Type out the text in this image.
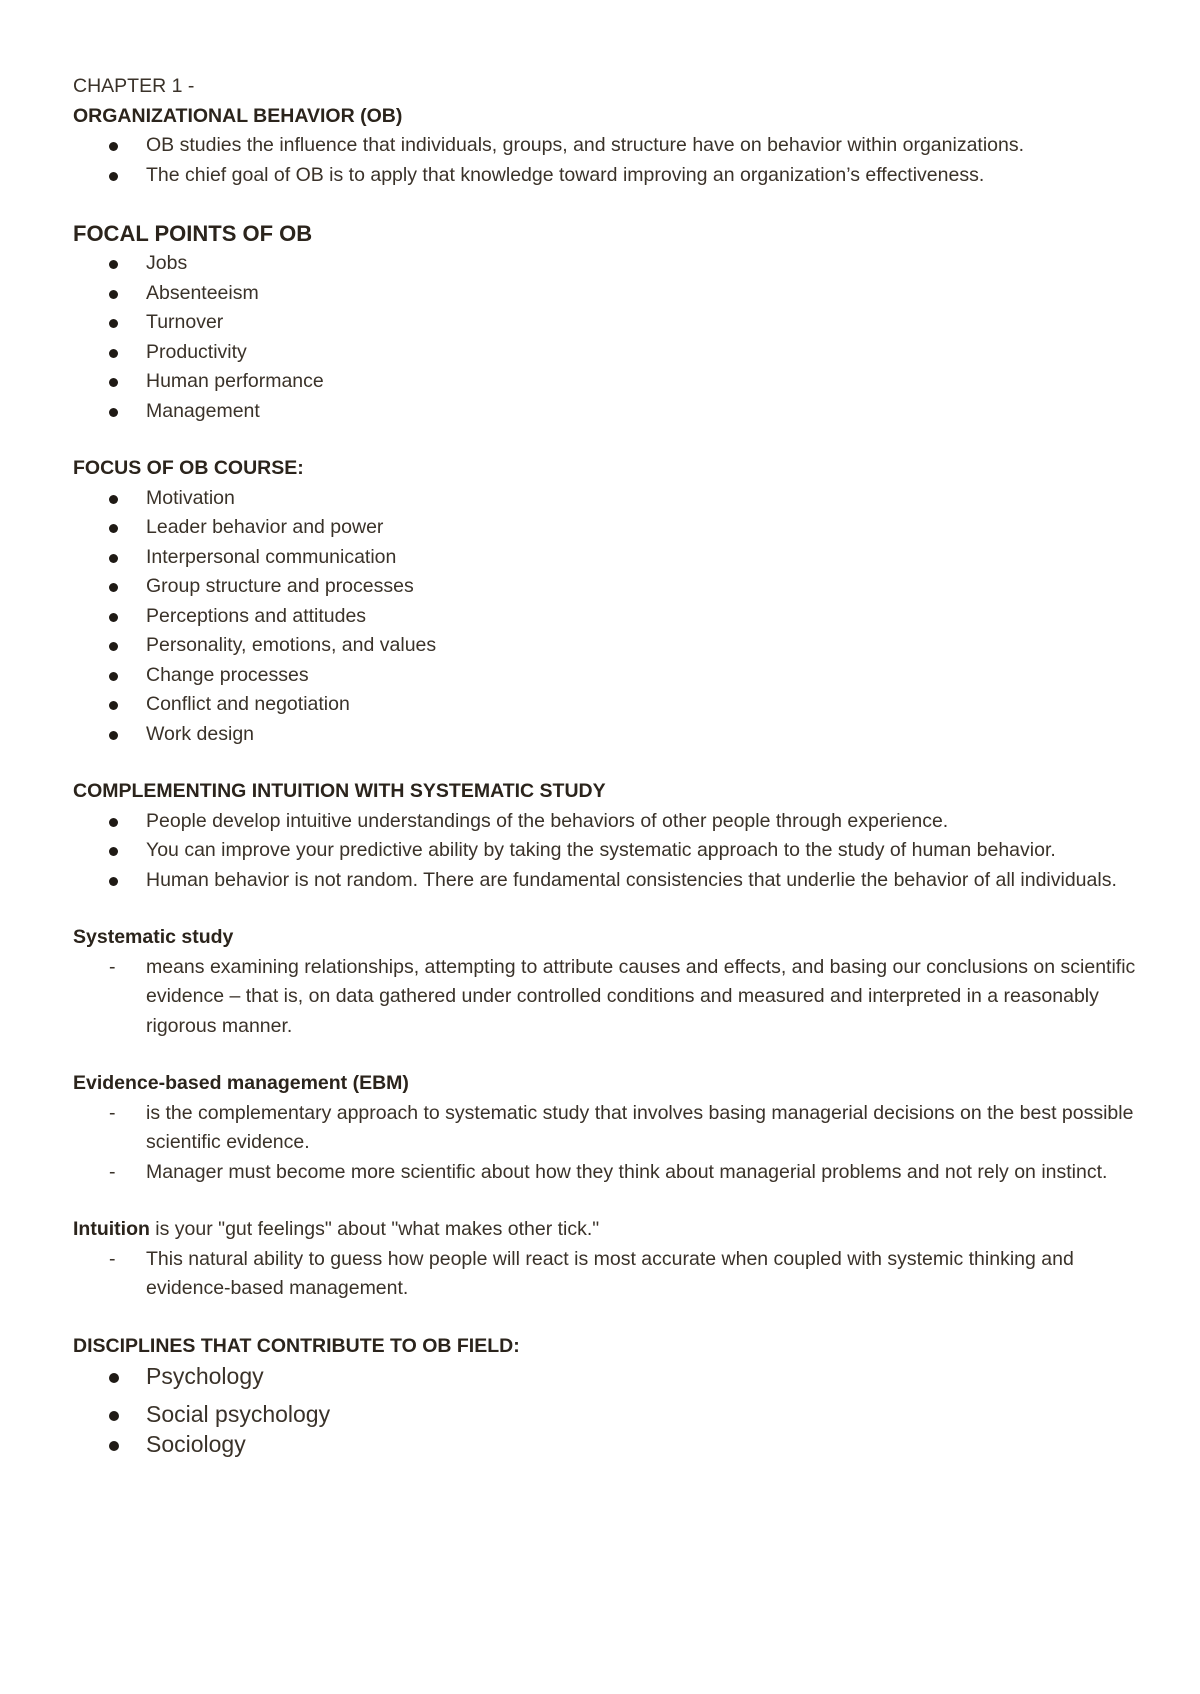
CHAPTER 1 -

ORGANIZATIONAL BEHAVIOR (OB)

OB studies the influence that individuals, groups, and structure have on behavior within organizations.
The chief goal of OB is to apply that knowledge toward improving an organization’s effectiveness.

FOCAL POINTS OF OB

Jobs
Absenteeism
Turnover
Productivity
Human performance
Management

FOCUS OF OB COURSE:

Motivation
Leader behavior and power
Interpersonal communication
Group structure and processes
Perceptions and attitudes
Personality, emotions, and values
Change processes
Conflict and negotiation
Work design

COMPLEMENTING INTUITION WITH SYSTEMATIC STUDY

People develop intuitive understandings of the behaviors of other people through experience.
You can improve your predictive ability by taking the systematic approach to the study of human behavior.
Human behavior is not random. There are fundamental consistencies that underlie the behavior of all individuals.

Systematic study

- means examining relationships, attempting to attribute causes and effects, and basing our conclusions on scientific evidence – that is, on data gathered under controlled conditions and measured and interpreted in a reasonably rigorous manner.

Evidence-based management (EBM)

- is the complementary approach to systematic study that involves basing managerial decisions on the best possible scientific evidence.
- Manager must become more scientific about how they think about managerial problems and not rely on instinct.

Intuition is your "gut feelings" about "what makes other tick."

- This natural ability to guess how people will react is most accurate when coupled with systemic thinking and evidence-based management.

DISCIPLINES THAT CONTRIBUTE TO OB FIELD:

Psychology
Social psychology
Sociology
